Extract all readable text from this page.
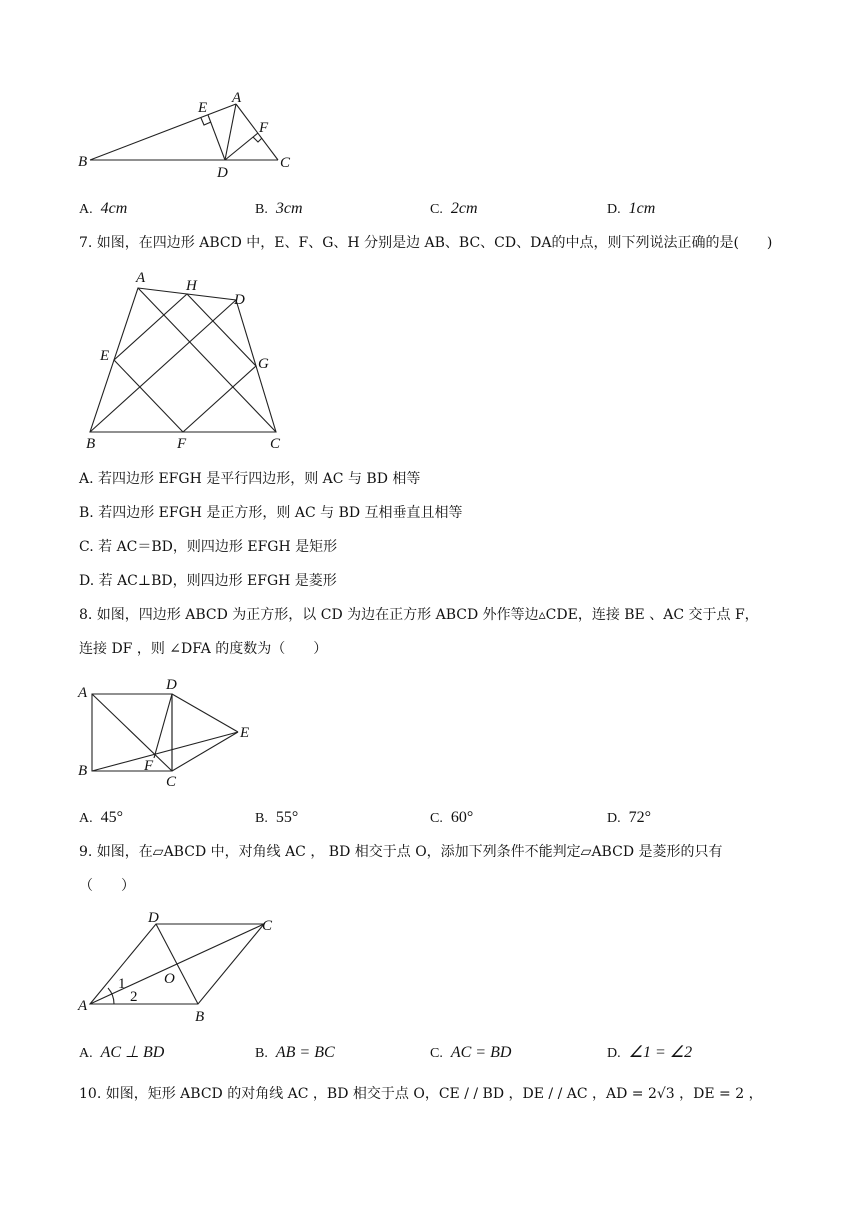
E
A
F
B
D
C
A. 4cm	B. 3cm	C. 2cm	D. 1cm
7. 如图，在四边形 ABCD 中，E、F、G、H 分别是边 AB、BC、CD、DA的中点，则下列说法正确的是(　　)
A	H
D
E	G
B	F	C
A. 若四边形 EFGH 是平行四边形，则 AC 与 BD 相等
B. 若四边形 EFGH 是正方形，则 AC 与 BD 互相垂直且相等
C. 若 AC＝BD，则四边形 EFGH 是矩形
D. 若 AC⊥BD，则四边形 EFGH 是菱形
8. 如图，四边形 ABCD 为正方形，以 CD 为边在正方形 ABCD 外作等边▵CDE，连接 BE 、AC 交于点 F，
连接 DF ，则 ∠DFA 的度数为（　　）
A	D
E
B	F
C
A. 45°	B. 55°	C. 60°	D. 72°
9. 如图，在▱ABCD 中，对角线 AC ， BD 相交于点 O，添加下列条件不能判定▱ABCD 是菱形的只有
（　　）
D	C
O
A
B
1
2
A. AC ⊥ BD	B. AB = BC	C. AC = BD	D. ∠1 = ∠2
10. 如图，矩形 ABCD 的对角线 AC ，BD 相交于点 O，CE / / BD ，DE / / AC ，AD = 2√3 ，DE = 2 ，
